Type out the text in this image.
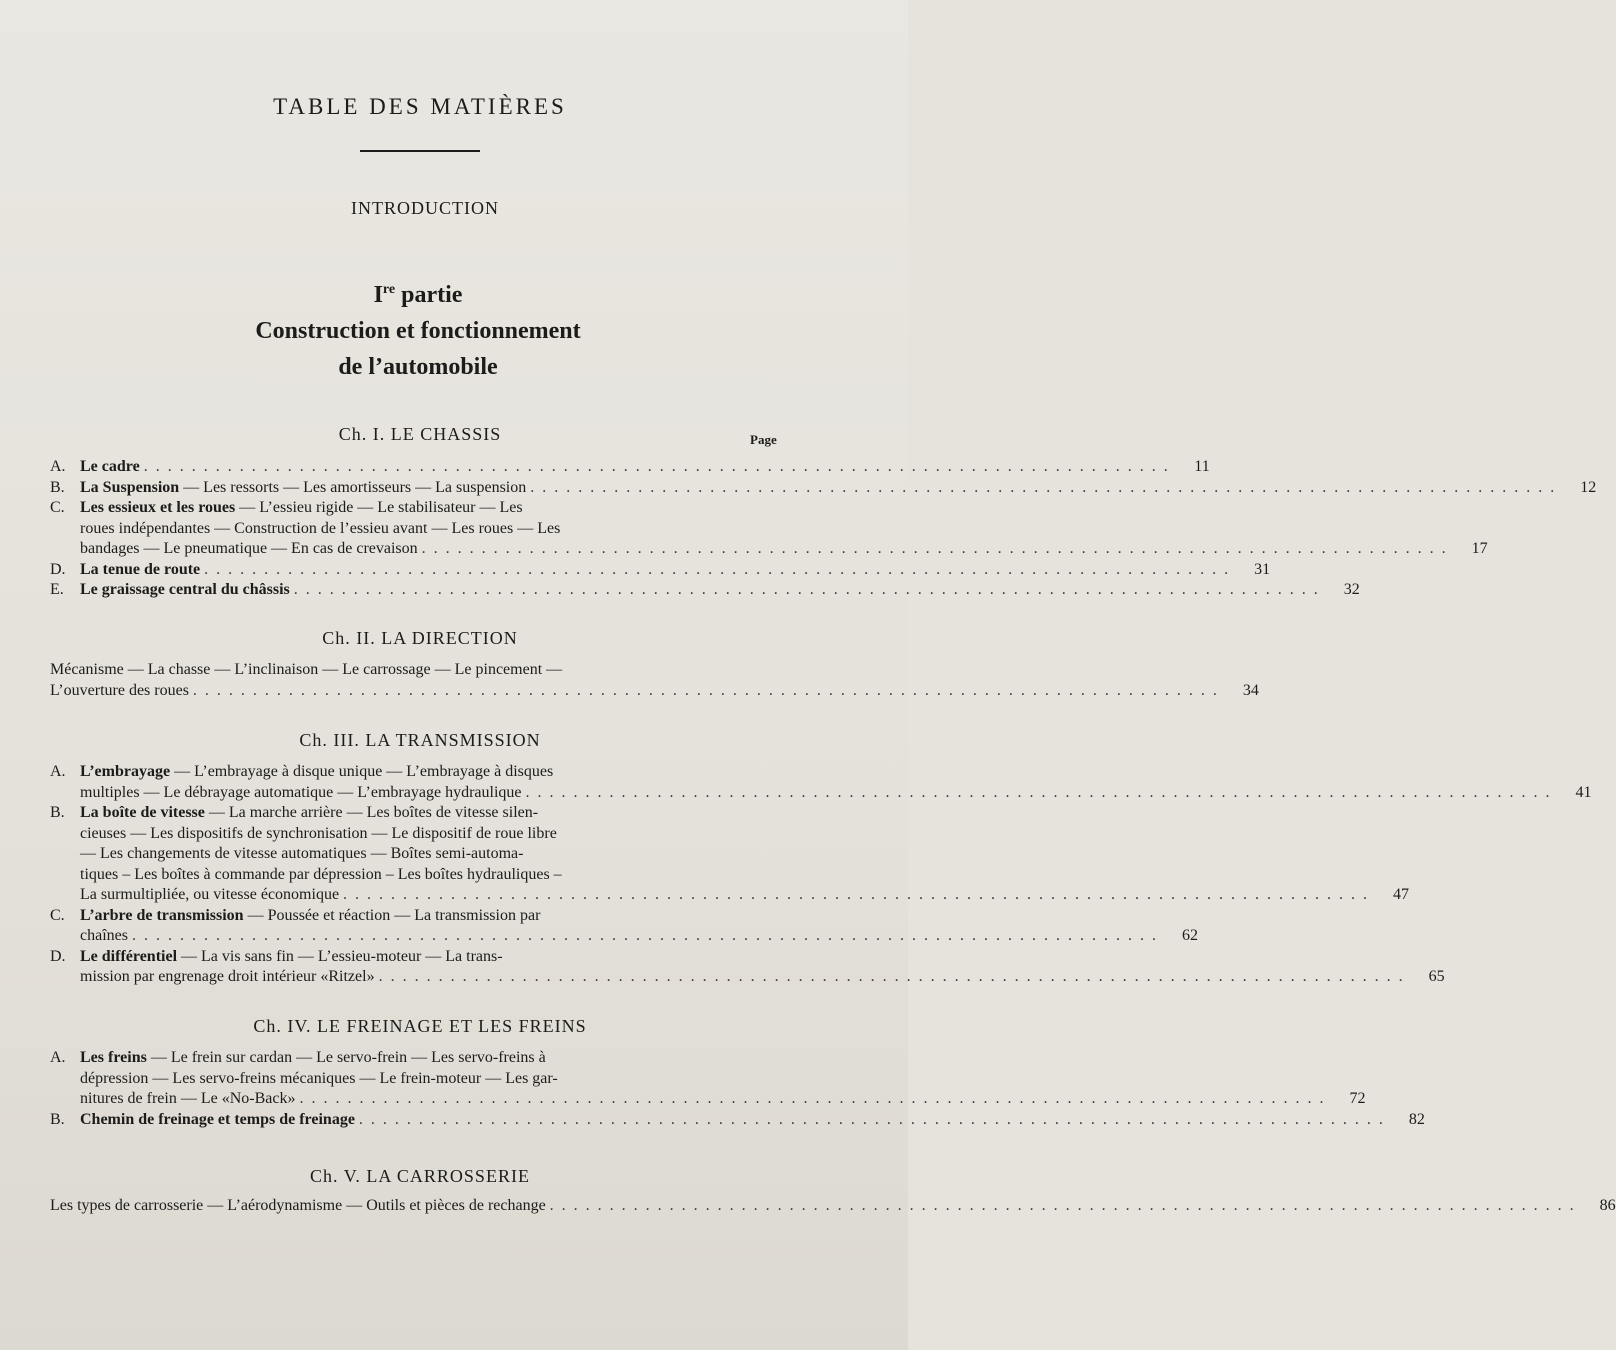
TABLE DES MATIÈRES
INTRODUCTION
Ire partie
Construction et fonctionnement
de l’automobile
Page
Ch. I. LE CHASSIS
A. Le cadre . . . . . . . . . . . . . . . . . . . . . . . . . . . . . . . . . . . . . . . . . . . . . . . . . . . . . . . . . . . . . . . . . . . . . . . . . . . . . . . . . . . . . .	11
B. La Suspension — Les ressorts — Les amortisseurs — La suspension . . . . . . . . . . . . . . . . . . . . . . . . . . . . . . . . . . . . . . . . . . . . . . . . . . . . . . . . . . . . . . . . . . . . . . . . . . . . . . . . . . . . . .	12
C. Les essieux et les roues — L’essieu rigide — Le stabilisateur — Les
roues indépendantes — Construction de l’essieu avant — Les roues — Les
bandages — Le pneumatique — En cas de crevaison . . . . . . . . . . . . . . . . . . . . . . . . . . . . . . . . . . . . . . . . . . . . . . . . . . . . . . . . . . . . . . . . . . . . . . . . . . . . . . . . . . . . . .	17
D. La tenue de route . . . . . . . . . . . . . . . . . . . . . . . . . . . . . . . . . . . . . . . . . . . . . . . . . . . . . . . . . . . . . . . . . . . . . . . . . . . . . . . . . . . . . .	31
E. Le graissage central du châssis . . . . . . . . . . . . . . . . . . . . . . . . . . . . . . . . . . . . . . . . . . . . . . . . . . . . . . . . . . . . . . . . . . . . . . . . . . . . . . . . . . . . . .	32
Ch. II. LA DIRECTION
Mécanisme — La chasse — L’inclinaison — Le carrossage — Le pincement —
L’ouverture des roues . . . . . . . . . . . . . . . . . . . . . . . . . . . . . . . . . . . . . . . . . . . . . . . . . . . . . . . . . . . . . . . . . . . . . . . . . . . . . . . . . . . . . .	34
Ch. III. LA TRANSMISSION
A. L’embrayage — L’embrayage à disque unique — L’embrayage à disques
multiples — Le débrayage automatique — L’embrayage hydraulique . . . . . . . . . . . . . . . . . . . . . . . . . . . . . . . . . . . . . . . . . . . . . . . . . . . . . . . . . . . . . . . . . . . . . . . . . . . . . . . . . . . . . .	41
B. La boîte de vitesse — La marche arrière — Les boîtes de vitesse silen-
cieuses — Les dispositifs de synchronisation — Le dispositif de roue libre
— Les changements de vitesse automatiques — Boîtes semi-automa-
tiques – Les boîtes à commande par dépression – Les boîtes hydrauliques –
La surmultipliée, ou vitesse économique . . . . . . . . . . . . . . . . . . . . . . . . . . . . . . . . . . . . . . . . . . . . . . . . . . . . . . . . . . . . . . . . . . . . . . . . . . . . . . . . . . . . . .	47
C. L’arbre de transmission — Poussée et réaction — La transmission par
chaînes . . . . . . . . . . . . . . . . . . . . . . . . . . . . . . . . . . . . . . . . . . . . . . . . . . . . . . . . . . . . . . . . . . . . . . . . . . . . . . . . . . . . . .	62
D. Le différentiel — La vis sans fin — L’essieu-moteur — La trans-
mission par engrenage droit intérieur «Ritzel» . . . . . . . . . . . . . . . . . . . . . . . . . . . . . . . . . . . . . . . . . . . . . . . . . . . . . . . . . . . . . . . . . . . . . . . . . . . . . . . . . . . . . .	65
Ch. IV. LE FREINAGE ET LES FREINS
A. Les freins — Le frein sur cardan — Le servo-frein — Les servo-freins à
dépression — Les servo-freins mécaniques — Le frein-moteur — Les gar-
nitures de frein — Le «No-Back» . . . . . . . . . . . . . . . . . . . . . . . . . . . . . . . . . . . . . . . . . . . . . . . . . . . . . . . . . . . . . . . . . . . . . . . . . . . . . . . . . . . . . .	72
B. Chemin de freinage et temps de freinage . . . . . . . . . . . . . . . . . . . . . . . . . . . . . . . . . . . . . . . . . . . . . . . . . . . . . . . . . . . . . . . . . . . . . . . . . . . . . . . . . . . . . .	82
Ch. V. LA CARROSSERIE
Les types de carrosserie — L’aérodynamisme — Outils et pièces de rechange . . . . . . . . . . . . . . . . . . . . . . . . . . . . . . . . . . . . . . . . . . . . . . . . . . . . . . . . . . . . . . . . . . . . . . . . . . . . . . . . . . . . . .	86
